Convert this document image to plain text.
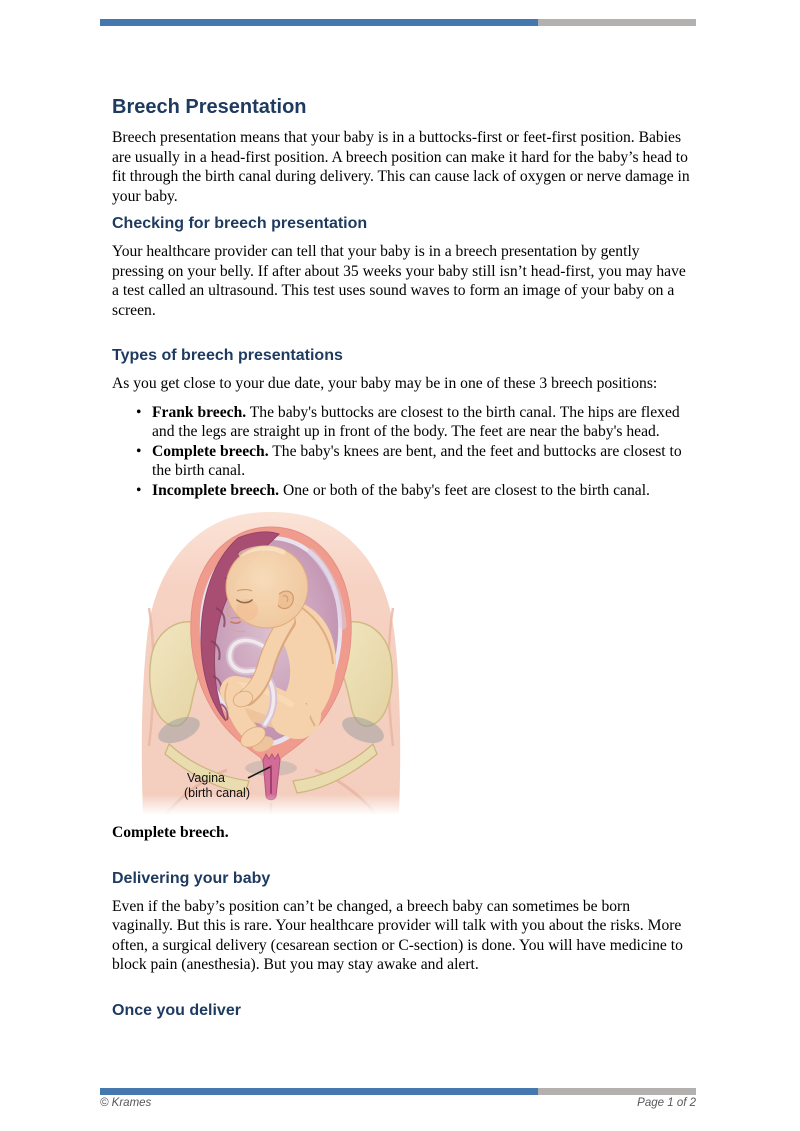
Breech Presentation

Breech presentation means that your baby is in a buttocks-first or feet-first position. Babies are usually in a head-first position. A breech position can make it hard for the baby’s head to fit through the birth canal during delivery. This can cause lack of oxygen or nerve damage in your baby.

Checking for breech presentation

Your healthcare provider can tell that your baby is in a breech presentation by gently pressing on your belly. If after about 35 weeks your baby still isn’t head-first, you may have a test called an ultrasound. This test uses sound waves to form an image of your baby on a screen.

Types of breech presentations

As you get close to your due date, your baby may be in one of these 3 breech positions:

• Frank breech. The baby's buttocks are closest to the birth canal. The hips are flexed and the legs are straight up in front of the body. The feet are near the baby's head.
• Complete breech. The baby's knees are bent, and the feet and buttocks are closest to the birth canal.
• Incomplete breech. One or both of the baby's feet are closest to the birth canal.
Vagina
(birth canal)
Complete breech.
Delivering your baby

Even if the baby’s position can’t be changed, a breech baby can sometimes be born vaginally. But this is rare. Your healthcare provider will talk with you about the risks. More often, a surgical delivery (cesarean section or C-section) is done. You will have medicine to block pain (anesthesia). But you may stay awake and alert.

Once you deliver
© Krames	Page 1 of 2
